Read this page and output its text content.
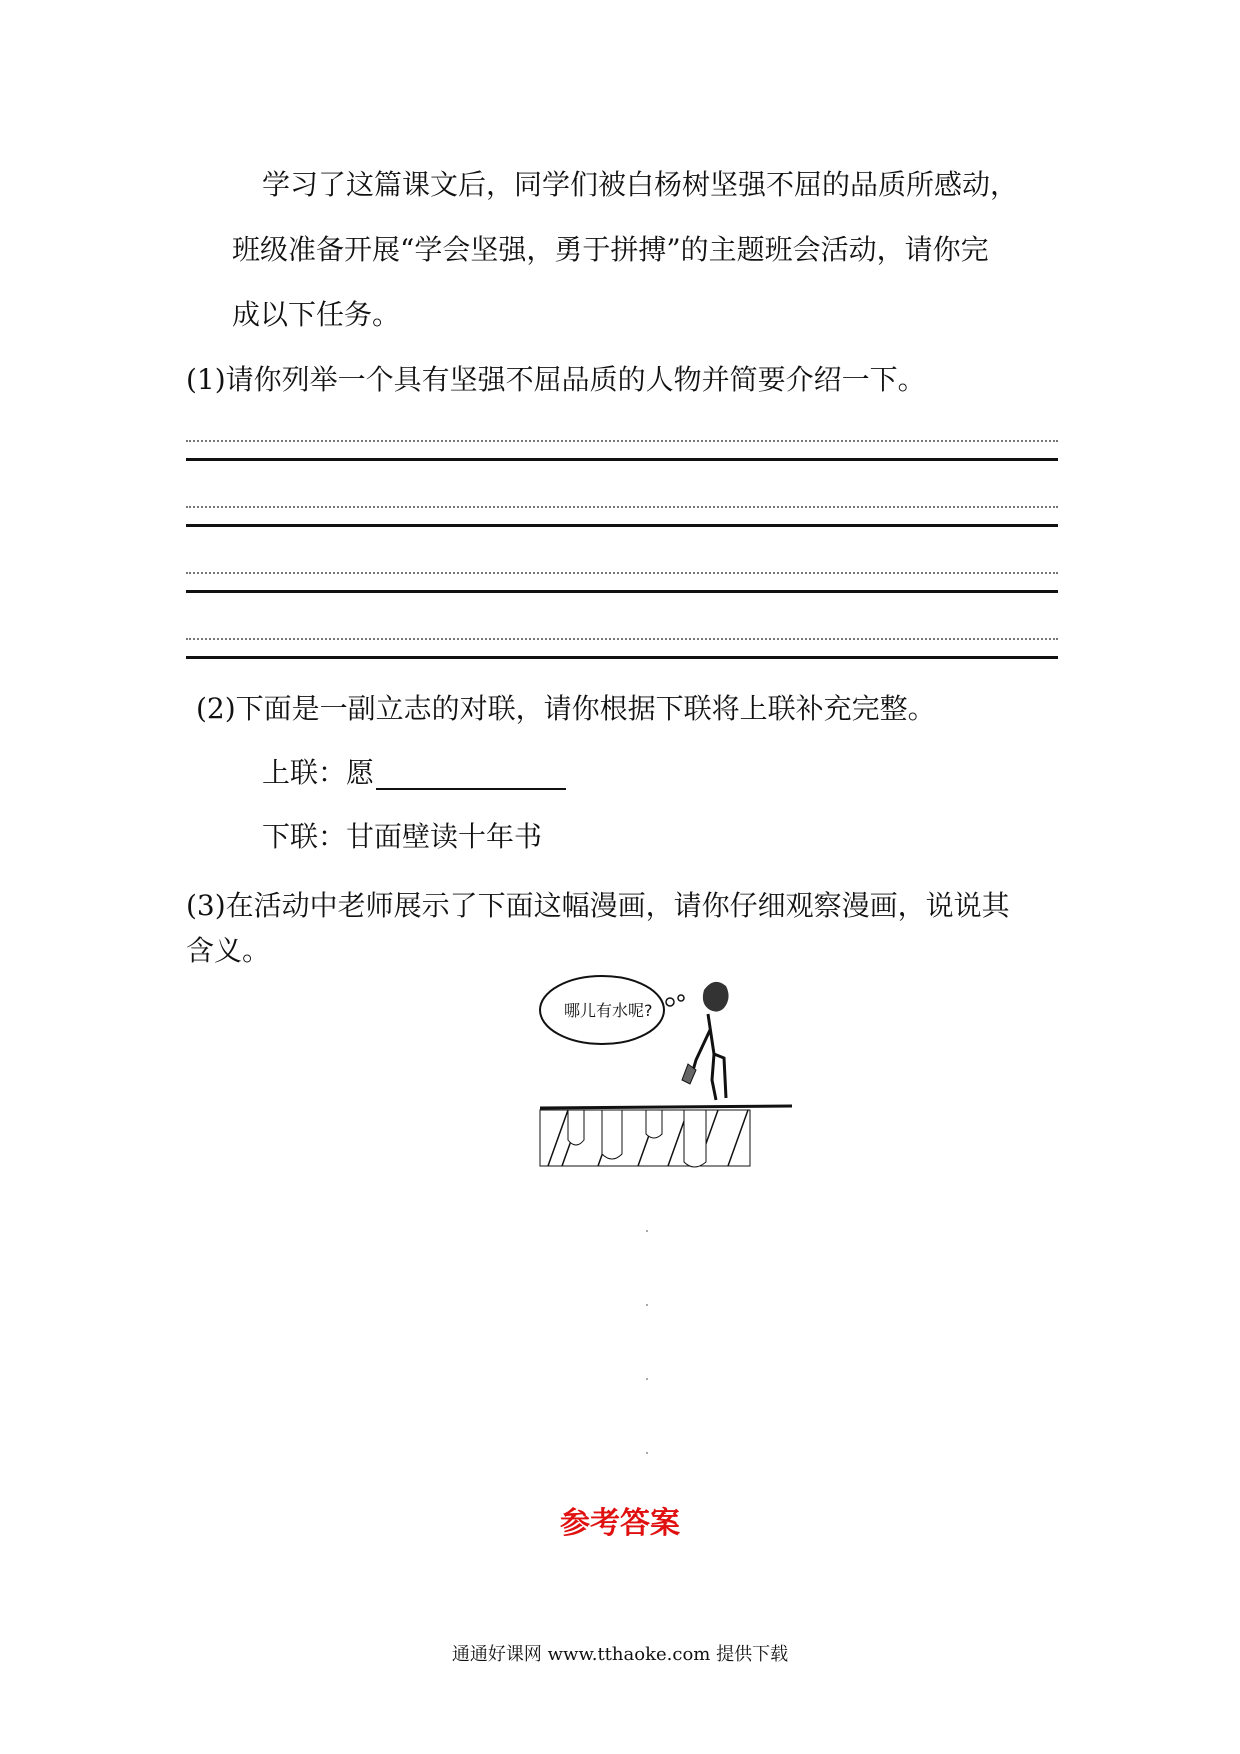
学习了这篇课文后，同学们被白杨树坚强不屈的品质所感动，
班级准备开展“学会坚强，勇于拼搏”的主题班会活动，请你完
成以下任务。
(1)请你列举一个具有坚强不屈品质的人物并简要介绍一下。
(2)下面是一副立志的对联，请你根据下联将上联补充完整。
上联：愿
下联：甘面壁读十年书
(3)在活动中老师展示了下面这幅漫画，请你仔细观察漫画，说说其
含义。
哪儿有水呢?
参考答案
通通好课网 www.tthaoke.com 提供下载
